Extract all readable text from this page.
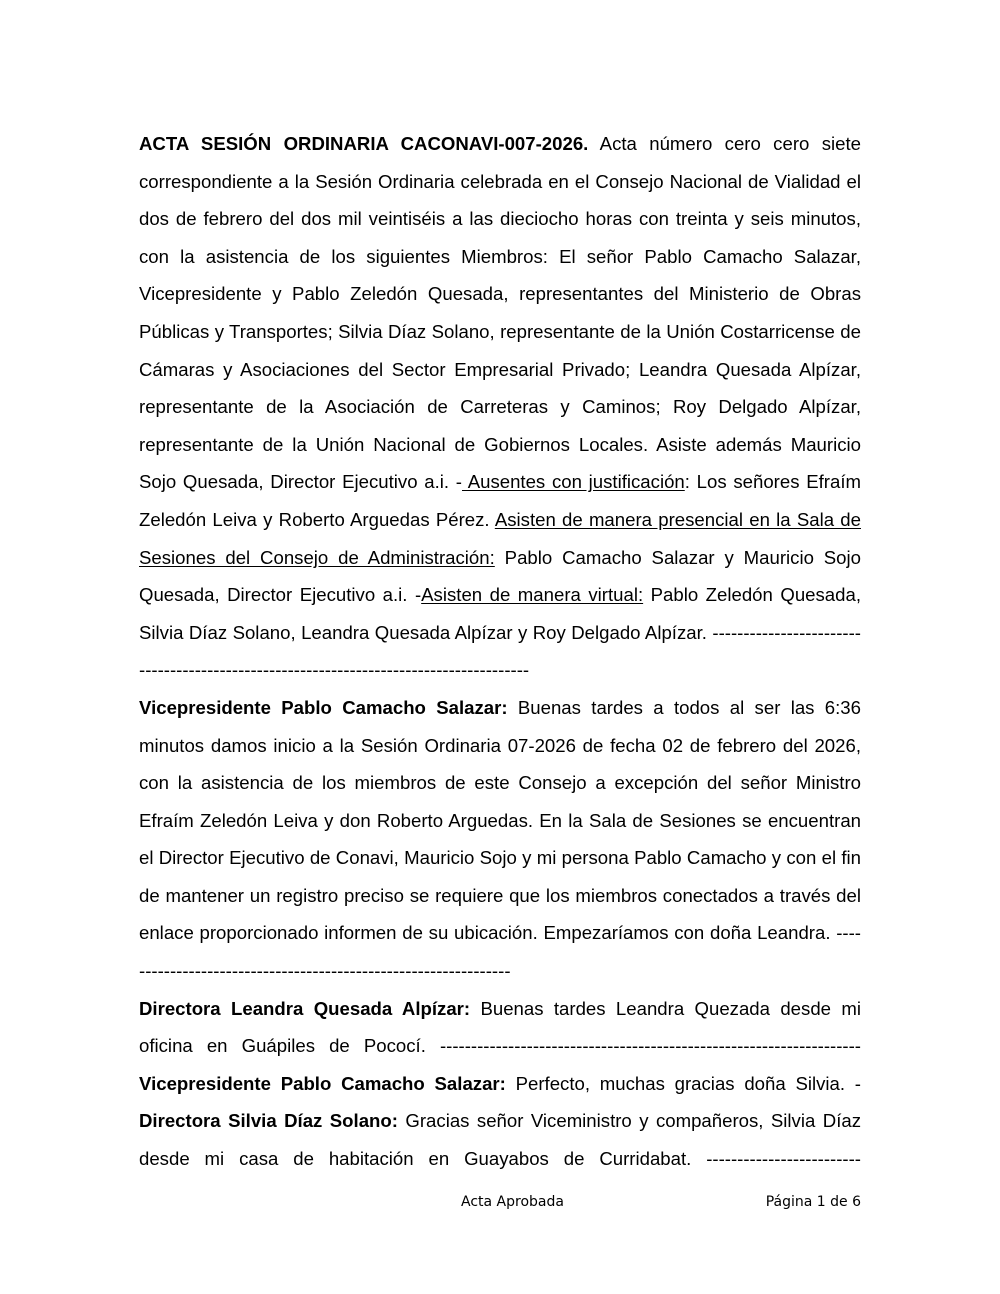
ACTA SESIÓN ORDINARIA CACONAVI-007-2026. Acta número cero cero siete correspondiente a la Sesión Ordinaria celebrada en el Consejo Nacional de Vialidad el dos de febrero del dos mil veintiséis a las dieciocho horas con treinta y seis minutos, con la asistencia de los siguientes Miembros: El señor Pablo Camacho Salazar, Vicepresidente y Pablo Zeledón Quesada, representantes del Ministerio de Obras Públicas y Transportes; Silvia Díaz Solano, representante de la Unión Costarricense de Cámaras y Asociaciones del Sector Empresarial Privado; Leandra Quesada Alpízar, representante de la Asociación de Carreteras y Caminos; Roy Delgado Alpízar, representante de la Unión Nacional de Gobiernos Locales. Asiste además Mauricio Sojo Quesada, Director Ejecutivo a.i. - Ausentes con justificación: Los señores Efraím Zeledón Leiva y Roberto Arguedas Pérez. Asisten de manera presencial en la Sala de Sesiones del Consejo de Administración: Pablo Camacho Salazar y Mauricio Sojo Quesada, Director Ejecutivo a.i. -Asisten de manera virtual: Pablo Zeledón Quesada, Silvia Díaz Solano, Leandra Quesada Alpízar y Roy Delgado Alpízar. ---------------------------------------------------------------------------------------

Vicepresidente Pablo Camacho Salazar: Buenas tardes a todos al ser las 6:36 minutos damos inicio a la Sesión Ordinaria 07-2026 de fecha 02 de febrero del 2026, con la asistencia de los miembros de este Consejo a excepción del señor Ministro Efraím Zeledón Leiva y don Roberto Arguedas. En la Sala de Sesiones se encuentran el Director Ejecutivo de Conavi, Mauricio Sojo y mi persona Pablo Camacho y con el fin de mantener un registro preciso se requiere que los miembros conectados a través del enlace proporcionado informen de su ubicación. Empezaríamos con doña Leandra. ----------------------------------------------------------------

Directora Leandra Quesada Alpízar: Buenas tardes Leandra Quezada desde mi oficina en Guápiles de Pococí. --------------------------------------------------------------------

Vicepresidente Pablo Camacho Salazar: Perfecto, muchas gracias doña Silvia. -

Directora Silvia Díaz Solano: Gracias señor Viceministro y compañeros, Silvia Díaz desde mi casa de habitación en Guayabos de Curridabat. -------------------------

Acta Aprobada	Página 1 de 6
